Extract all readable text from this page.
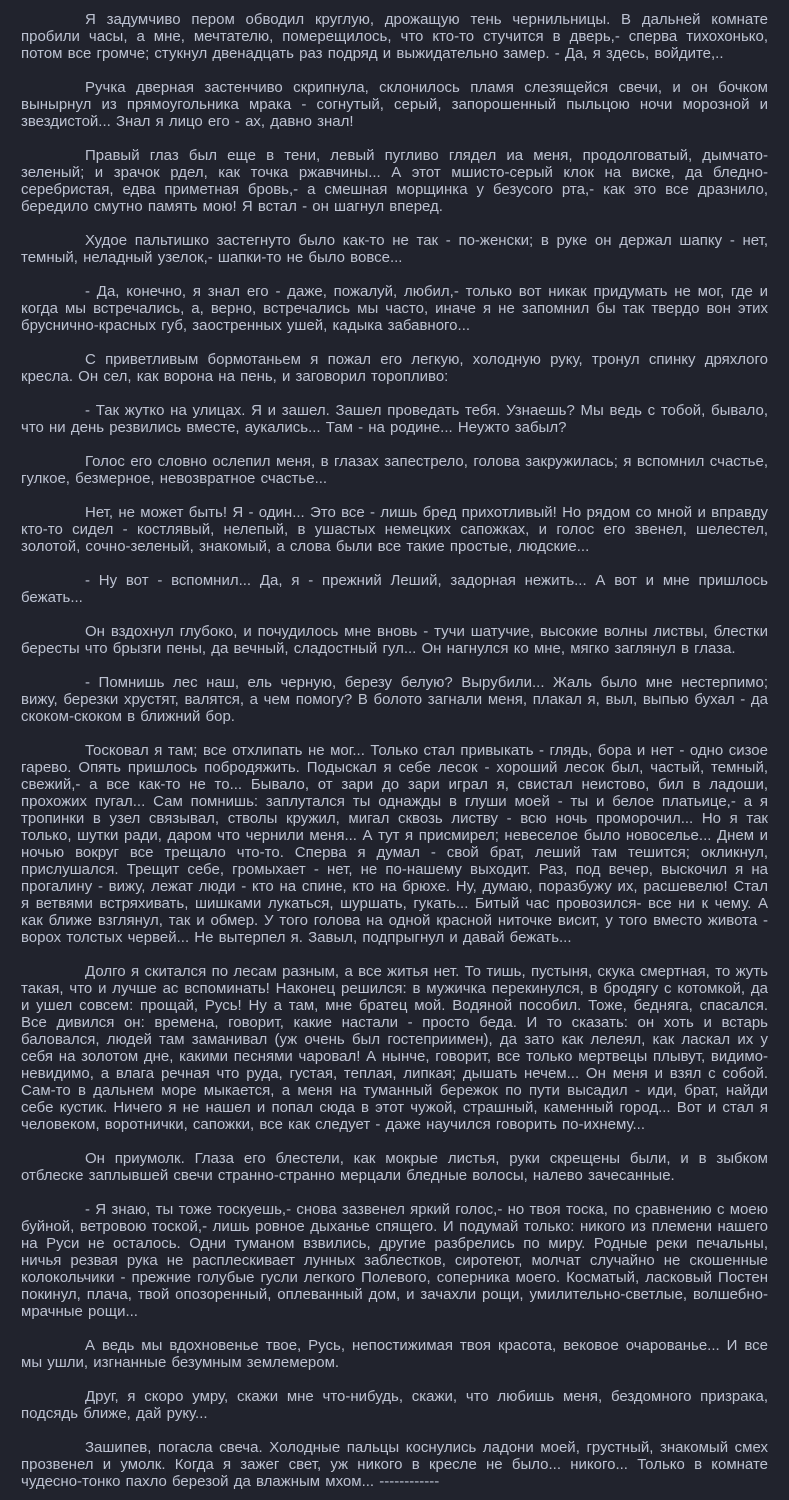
Я задумчиво пером обводил круглую, дрожащую тень чернильницы. В дальней комнате пробили часы, а мне, мечтателю, померещилось, что кто-то стучится в дверь,- сперва тихохонько, потом все громче; стукнул двенадцать раз подряд и выжидательно замер. - Да, я здесь, войдите,..

Ручка дверная застенчиво скрипнула, склонилось пламя слезящейся свечи, и он бочком вынырнул из прямоугольника мрака - согнутый, серый, запорошенный пыльцою ночи морозной и звездистой... Знал я лицо его - ах, давно знал!

Правый глаз был еще в тени, левый пугливо глядел иа меня, продолговатый, дымчато-зеленый; и зрачок рдел, как точка ржавчины... А этот мшисто-серый клок на виске, да бледно-серебристая, едва приметная бровь,- а смешная морщинка у безусого рта,- как это все дразнило, бередило смутно память мою! Я встал - он шагнул вперед.

Худое пальтишко застегнуто было как-то не так - по-женски; в руке он держал шапку - нет, темный, неладный узелок,- шапки-то не было вовсе...

- Да, конечно, я знал его - даже, пожалуй, любил,- только вот никак придумать не мог, где и когда мы встречались, а, верно, встречались мы часто, иначе я не запомнил бы так твердо вон этих бруснично-красных губ, заостренных ушей, кадыка забавного...

С приветливым бормотаньем я пожал его легкую, холодную руку, тронул спинку дряхлого кресла. Он сел, как ворона на пень, и заговорил торопливо:

- Так жутко на улицах. Я и зашел. Зашел проведать тебя. Узнаешь? Мы ведь с тобой, бывало, что ни день резвились вместе, аукались... Там - на родине... Неужто забыл?

Голос его словно ослепил меня, в глазах запестрело, голова закружилась; я вспомнил счастье, гулкое, безмерное, невозвратное счастье...

Нет, не может быть! Я - один... Это все - лишь бред прихотливый! Но рядом со мной и вправду кто-то сидел - костлявый, нелепый, в ушастых немецких сапожках, и голос его звенел, шелестел, золотой, сочно-зеленый, знакомый, а слова были все такие простые, людские...

- Ну вот - вспомнил... Да, я - прежний Леший, задорная нежить... А вот и мне пришлось бежать...

Он вздохнул глубоко, и почудилось мне вновь - тучи шатучие, высокие волны листвы, блестки бересты что брызги пены, да вечный, сладостный гул... Он нагнулся ко мне, мягко заглянул в глаза.

- Помнишь лес наш, ель черную, березу белую? Вырубили... Жаль было мне нестерпимо; вижу, березки хрустят, валятся, а чем помогу? В болото загнали меня, плакал я, выл, выпью бухал - да скоком-скоком в ближний бор.

Тосковал я там; все отхлипать не мог... Только стал привыкать - глядь, бора и нет - одно сизое гарево. Опять пришлось побродяжить. Подыскал я себе лесок - хороший лесок был, частый, темный, свежий,- а все как-то не то... Бывало, от зари до зари играл я, свистал неистово, бил в ладоши, прохожих пугал... Сам помнишь: заплутался ты однажды в глуши моей - ты и белое платьице,- а я тропинки в узел связывал, стволы кружил, мигал сквозь листву - всю ночь проморочил... Но я так только, шутки ради, даром что чернили меня... А тут я присмирел; невеселое было новоселье... Днем и ночью вокруг все трещало что-то. Сперва я думал - свой брат, леший там тешится; окликнул, прислушался. Трещит себе, громыхает - нет, не по-нашему выходит. Раз, под вечер, выскочил я на прогалину - вижу, лежат люди - кто на спине, кто на брюхе. Ну, думаю, поразбужу их, расшевелю! Стал я ветвями встряхивать, шишками лукаться, шуршать, гукать... Битый час провозился- все ни к чему. А как ближе взглянул, так и обмер. У того голова на одной красной ниточке висит, у того вместо живота - ворох толстых червей... Не вытерпел я. Завыл, подпрыгнул и давай бежать...

Долго я скитался по лесам разным, а все житья нет. То тишь, пустыня, скука смертная, то жуть такая, что и лучше ас вспоминать! Наконец решился: в мужичка перекинулся, в бродягу с котомкой, да и ушел совсем: прощай, Русь! Ну а там, мне братец мой. Водяной пособил. Тоже, бедняга, спасался. Все дивился он: времена, говорит, какие настали - просто беда. И то сказать: он хоть и встарь баловался, людей там заманивал (уж очень был гостеприимен), да зато как лелеял, как ласкал их у себя на золотом дне, какими песнями чаровал! А нынче, говорит, все только мертвецы плывут, видимо-невидимо, а влага речная что руда, густая, теплая, липкая; дышать нечем... Он меня и взял с собой. Сам-то в дальнем море мыкается, а меня на туманный бережок по пути высадил - иди, брат, найди себе кустик. Ничего я не нашел и попал сюда в этот чужой, страшный, каменный город... Вот и стал я человеком, воротнички, сапожки, все как следует - даже научился говорить по-ихнему...

Он приумолк. Глаза его блестели, как мокрые листья, руки скрещены были, и в зыбком отблеске заплывшей свечи странно-странно мерцали бледные волосы, налево зачесанные.

- Я знаю, ты тоже тоскуешь,- снова зазвенел яркий голос,- но твоя тоска, по сравнению с моею буйной, ветровою тоской,- лишь ровное дыханье спящего. И подумай только: никого из племени нашего на Руси не осталось. Одни туманом взвились, другие разбрелись по миру. Родные реки печальны, ничья резвая рука не расплескивает лунных заблестков, сиротеют, молчат случайно не скошенные колокольчики - прежние голубые гусли легкого Полевого, соперника моего. Косматый, ласковый Постен покинул, плача, твой опозоренный, оплеванный дом, и зачахли рощи, умилительно-светлые, волшебно-мрачные рощи...

А ведь мы вдохновенье твое, Русь, непостижимая твоя красота, вековое очарованье... И все мы ушли, изгнанные безумным землемером.

Друг, я скоро умру, скажи мне что-нибудь, скажи, что любишь меня, бездомного призрака, подсядь ближе, дай руку...

Зашипев, погасла свеча. Холодные пальцы коснулись ладони моей, грустный, знакомый смех прозвенел и умолк. Когда я зажег свет, уж никого в кресле не было... никого... Только в комнате чудесно-тонко пахло березой да влажным мхом... ------------
